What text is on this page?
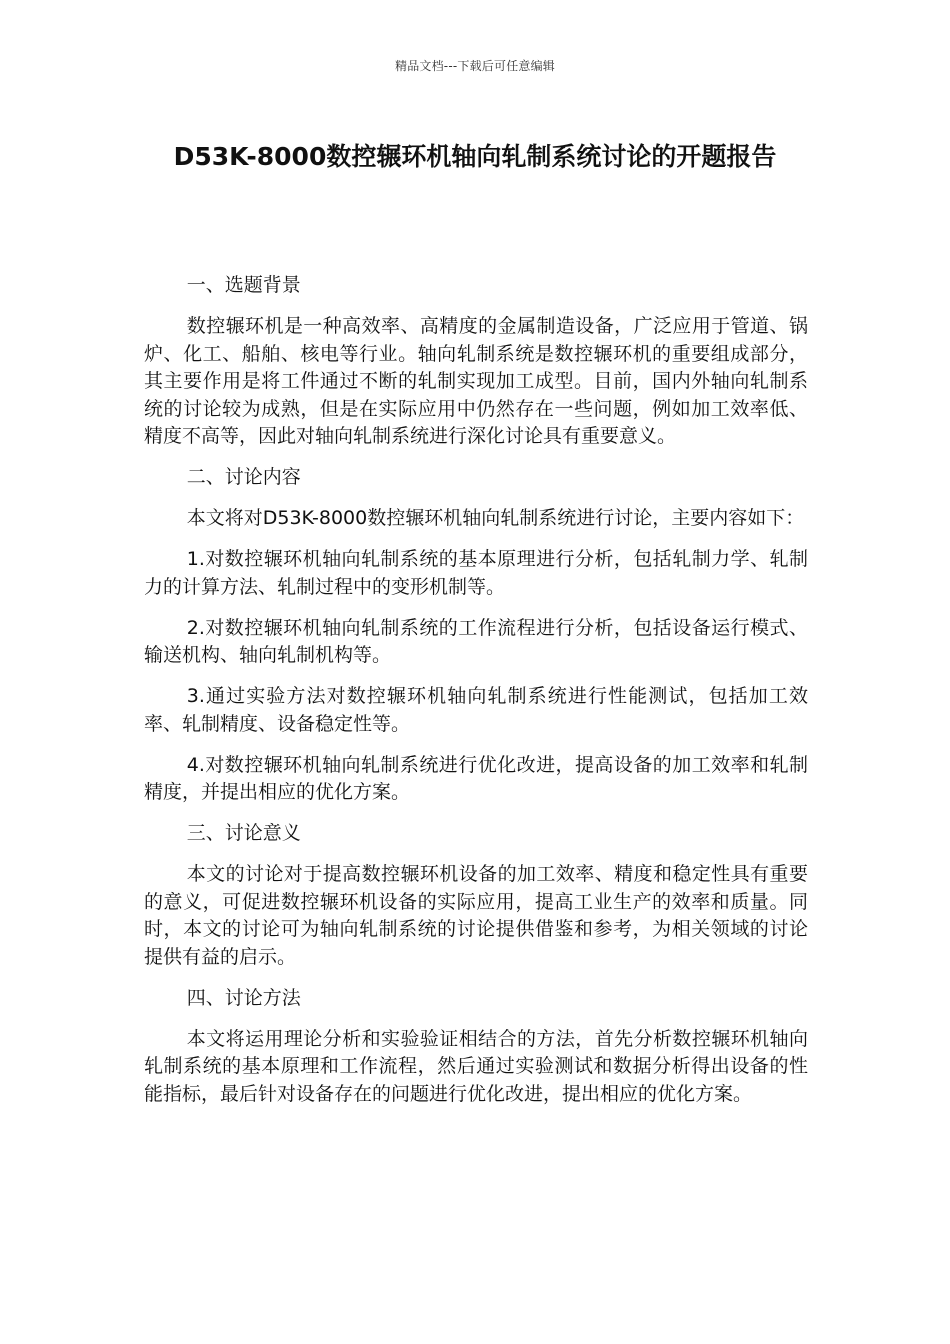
精品文档---下载后可任意编辑
D53K-8000数控辗环机轴向轧制系统讨论的开题报告

一、选题背景

数控辗环机是一种高效率、高精度的金属制造设备，广泛应用于管道、锅炉、化工、船舶、核电等行业。轴向轧制系统是数控辗环机的重要组成部分，其主要作用是将工件通过不断的轧制实现加工成型。目前，国内外轴向轧制系统的讨论较为成熟，但是在实际应用中仍然存在一些问题，例如加工效率低、精度不高等，因此对轴向轧制系统进行深化讨论具有重要意义。

二、讨论内容

本文将对D53K-8000数控辗环机轴向轧制系统进行讨论，主要内容如下：

1.对数控辗环机轴向轧制系统的基本原理进行分析，包括轧制力学、轧制力的计算方法、轧制过程中的变形机制等。

2.对数控辗环机轴向轧制系统的工作流程进行分析，包括设备运行模式、输送机构、轴向轧制机构等。

3.通过实验方法对数控辗环机轴向轧制系统进行性能测试，包括加工效率、轧制精度、设备稳定性等。

4.对数控辗环机轴向轧制系统进行优化改进，提高设备的加工效率和轧制精度，并提出相应的优化方案。

三、讨论意义

本文的讨论对于提高数控辗环机设备的加工效率、精度和稳定性具有重要的意义，可促进数控辗环机设备的实际应用，提高工业生产的效率和质量。同时，本文的讨论可为轴向轧制系统的讨论提供借鉴和参考，为相关领域的讨论提供有益的启示。

四、讨论方法

本文将运用理论分析和实验验证相结合的方法，首先分析数控辗环机轴向轧制系统的基本原理和工作流程，然后通过实验测试和数据分析得出设备的性能指标，最后针对设备存在的问题进行优化改进，提出相应的优化方案。
